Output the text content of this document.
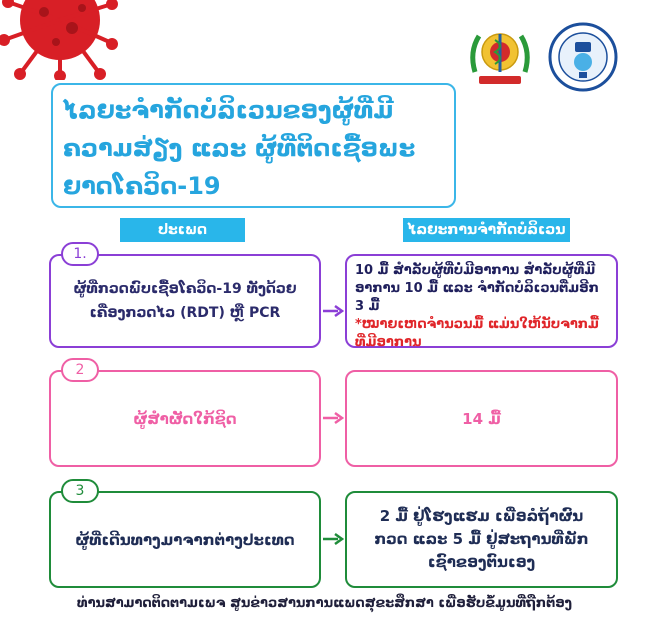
ໄລຍະຈຳກັດບໍລິເວນຂອງຜູ້ທີ່ມີ
ຄວາມສ່ຽງ ແລະ ຜູ້ທີ່ຕິດເຊື້ອພະ
ຍາດໂຄວິດ-19
ປະເພດ	ໄລຍະການຈຳກັດບໍລິເວນ
1.
ຜູ້ທີ່ກວດພົບເຊື້ອໂຄວິດ-19 ທັງດ້ວຍເຄື່ອງກວດໄວ (RDT) ຫຼື PCR
10 ມື້ ສຳລັບຜູ້ທີ່ບໍ່ມີອາການ ສຳລັບຜູ້ທີ່ມີອາການ 10 ມື້ ແລະ ຈຳກັດບໍລິເວນຕື່ມອີກ 3 ມື້
*ໝາຍເຫດຈຳນວນມື້ ແມ່ນໃຫ້ນັບຈາກມື້ທີ່ມີອາການ
2
ຜູ້ສຳຜັດໃກ້ຊິດ	14 ມື້
3
ຜູ້ທີ່ເດີນທາງມາຈາກຕ່າງປະເທດ
2 ມື້ ຢູ່ໂຮງແຮມ ເພື່ອລໍຖ້າຜົນກວດ ແລະ 5 ມື້ ຢູ່ສະຖານທີ່ພັກເຊົາຂອງຕົນເອງ
ທ່ານສາມາດຕິດຕາມເພຈ ສູນຂ່າວສານການແພດສຸຂະສຶກສາ ເພື່ອຮັບຂໍ້ມູນທີ່ຖືກຕ້ອງ
